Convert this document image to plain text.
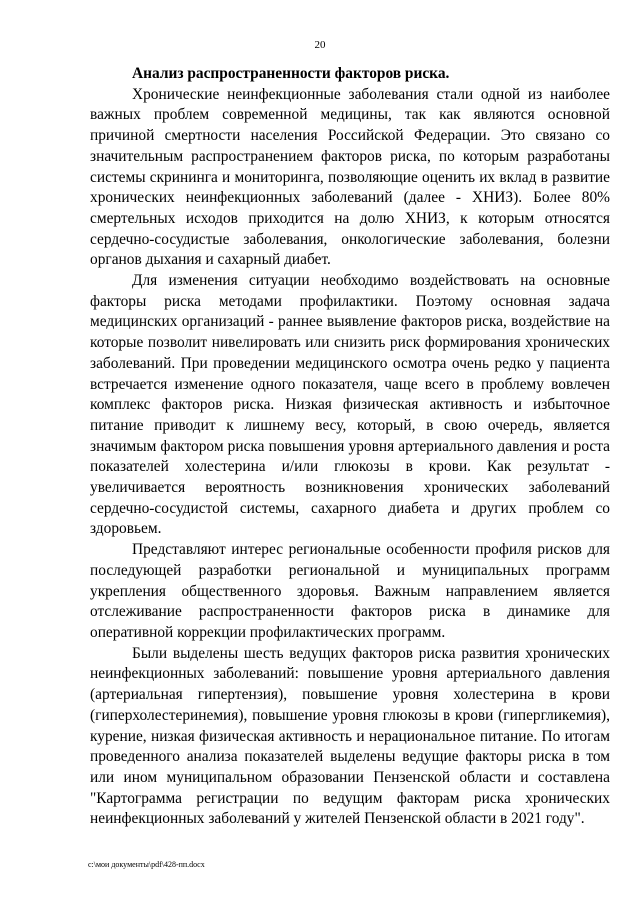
20

Анализ распространенности факторов риска.

Хронические неинфекционные заболевания стали одной из наиболее важных проблем современной медицины, так как являются основной причиной смертности населения Российской Федерации. Это связано со значительным распространением факторов риска, по которым разработаны системы скрининга и мониторинга, позволяющие оценить их вклад в развитие хронических неинфекционных заболеваний (далее - ХНИЗ). Более 80% смертельных исходов приходится на долю ХНИЗ, к которым относятся сердечно-сосудистые заболевания, онкологические заболевания, болезни органов дыхания и сахарный диабет.

Для изменения ситуации необходимо воздействовать на основные факторы риска методами профилактики. Поэтому основная задача медицинских организаций - раннее выявление факторов риска, воздействие на которые позволит нивелировать или снизить риск формирования хронических заболеваний. При проведении медицинского осмотра очень редко у пациента встречается изменение одного показателя, чаще всего в проблему вовлечен комплекс факторов риска. Низкая физическая активность и избыточное питание приводит к лишнему весу, который, в свою очередь, является значимым фактором риска повышения уровня артериального давления и роста показателей холестерина и/или глюкозы в крови. Как результат - увеличивается вероятность возникновения хронических заболеваний сердечно-сосудистой системы, сахарного диабета и других проблем со здоровьем.

Представляют интерес региональные особенности профиля рисков для последующей разработки региональной и муниципальных программ укрепления общественного здоровья. Важным направлением является отслеживание распространенности факторов риска в динамике для оперативной коррекции профилактических программ.

Были выделены шесть ведущих факторов риска развития хронических неинфекционных заболеваний: повышение уровня артериального давления (артериальная гипертензия), повышение уровня холестерина в крови (гиперхолестеринемия), повышение уровня глюкозы в крови (гипергликемия), курение, низкая физическая активность и нерациональное питание. По итогам проведенного анализа показателей выделены ведущие факторы риска в том или ином муниципальном образовании Пензенской области и составлена "Картограмма регистрации по ведущим факторам риска хронических неинфекционных заболеваний у жителей Пензенской области в 2021 году".

c:\мои документы\pdf\428-пп.docx
